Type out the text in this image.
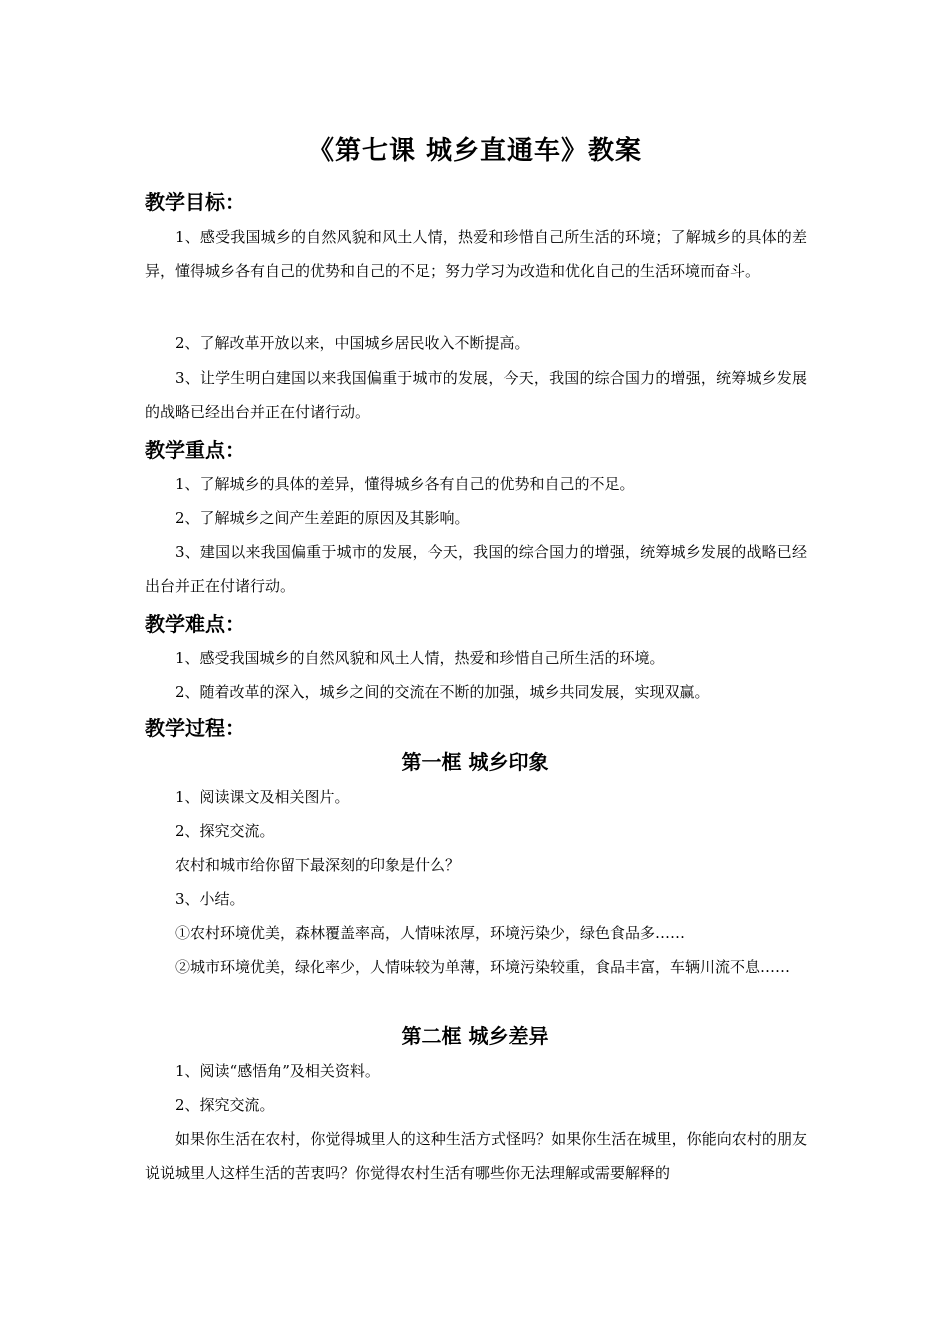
《第七课 城乡直通车》教案
教学目标：
1、感受我国城乡的自然风貌和风土人情，热爱和珍惜自己所生活的环境；了解城乡的具体的差异，懂得城乡各有自己的优势和自己的不足；努力学习为改造和优化自己的生活环境而奋斗。
2、了解改革开放以来，中国城乡居民收入不断提高。
3、让学生明白建国以来我国偏重于城市的发展，今天，我国的综合国力的增强，统筹城乡发展的战略已经出台并正在付诸行动。
教学重点：
1、了解城乡的具体的差异，懂得城乡各有自己的优势和自己的不足。
2、了解城乡之间产生差距的原因及其影响。
3、建国以来我国偏重于城市的发展，今天，我国的综合国力的增强，统筹城乡发展的战略已经出台并正在付诸行动。
教学难点：
1、感受我国城乡的自然风貌和风土人情，热爱和珍惜自己所生活的环境。
2、随着改革的深入，城乡之间的交流在不断的加强，城乡共同发展，实现双赢。
教学过程：
第一框 城乡印象
1、阅读课文及相关图片。
2、探究交流。
农村和城市给你留下最深刻的印象是什么？
3、小结。
①农村环境优美，森林覆盖率高，人情味浓厚，环境污染少，绿色食品多……
②城市环境优美，绿化率少，人情味较为单薄，环境污染较重，食品丰富，车辆川流不息……
第二框 城乡差异
1、阅读“感悟角”及相关资料。
2、探究交流。
如果你生活在农村，你觉得城里人的这种生活方式怪吗？如果你生活在城里，你能向农村的朋友说说城里人这样生活的苦衷吗？你觉得农村生活有哪些你无法理解或需要解释的
